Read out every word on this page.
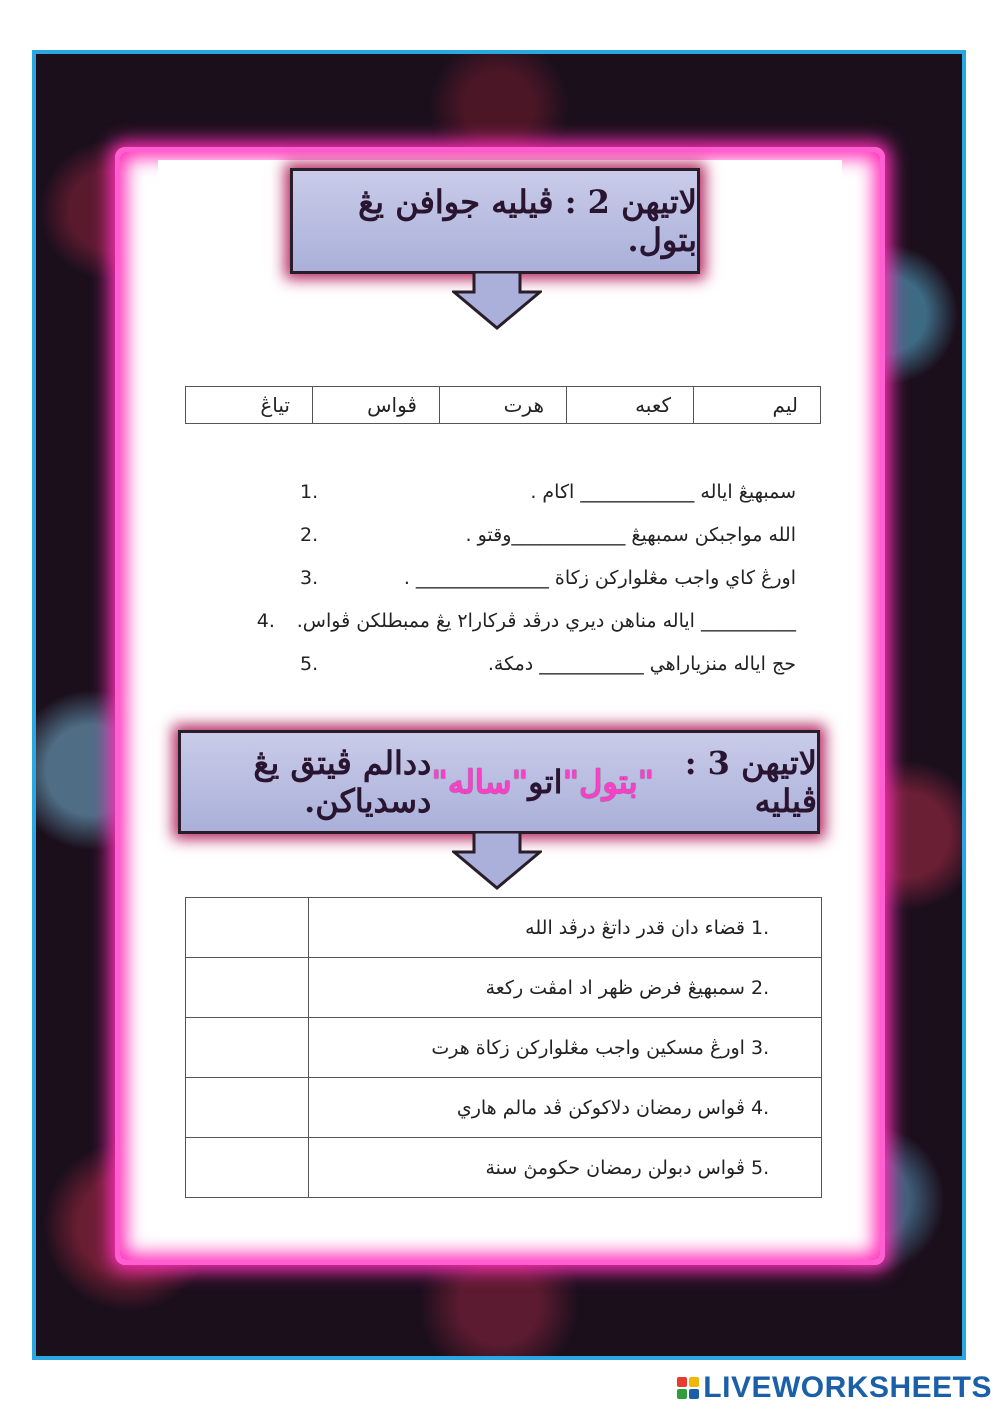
لاتيهن 2 : ڤيليه جوافن يڠ بتول.
ليم	كعبه	هرت	ڤواس	تياڠ
سمبهيڠ اياله ____________ اكام .
1.
الله مواجبكن سمبهيڠ ____________وقتو .
2.
اورڠ كاي واجب مڠلواركن زكاة ______________ .
3.
__________ اياله مناهن ديري درڤد ڤركارا٢ يڠ ممبطلكن ڤواس.
4.
حج اياله منزياراهي ___________ دمكة.
5.
لاتيهن 3 : ڤيليه
"بتول"
اتو
"ساله"
ددالم ڤيتق يڠ دسدياكن.
	1. قضاء دان قدر داتڠ درڤد الله
	2. سمبهيڠ فرض ظهر اد امڤت ركعة
	3. اورڠ مسكين واجب مڠلواركن زكاة هرت
	4. ڤواس رمضان دلاكوكن ڤد مالم هاري
	5. ڤواس دبولن رمضان حكومڽ سنة
LIVEWORKSHEETS
